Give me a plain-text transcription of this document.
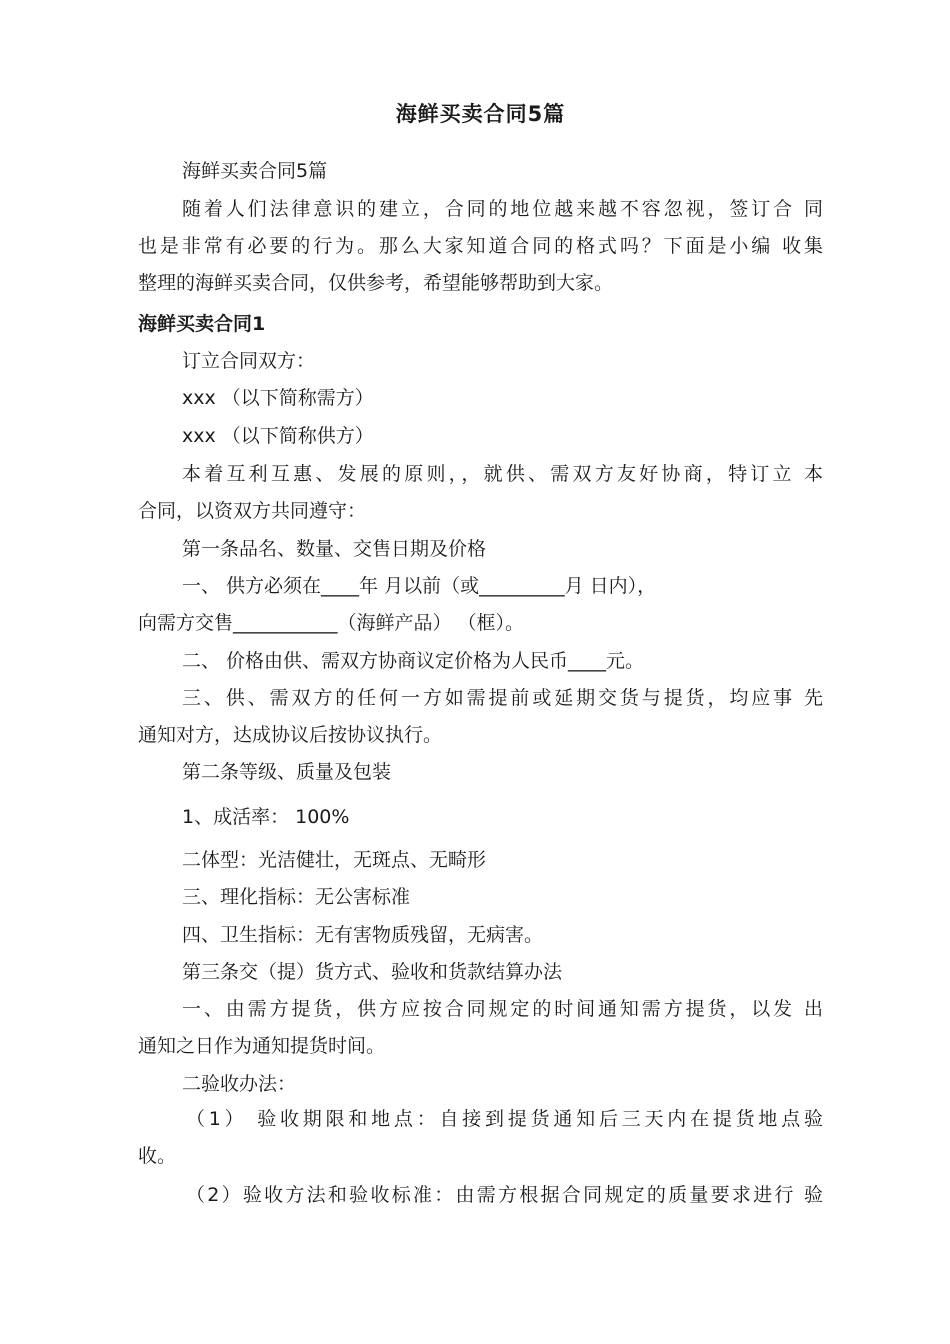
海鲜买卖合同5篇
海鲜买卖合同5篇
随着人们法律意识的建立，合同的地位越来越不容忽视，签订合 同
也是非常有必要的行为。那么大家知道合同的格式吗？下面是小编 收集
整理的海鲜买卖合同，仅供参考，希望能够帮助到大家。
海鲜买卖合同1
订立合同双方：
xxx （以下简称需方）
xxx （以下简称供方）
本着互利互惠、发展的原则，，就供、需双方友好协商，特订立 本
合同，以资双方共同遵守：
第一条品名、数量、交售日期及价格
一、 供方必须在____年 月以前（或_________月 日内），
向需方交售___________（海鲜产品） （框）。
二、 价格由供、需双方协商议定价格为人民币____元。
三、供、需双方的任何一方如需提前或延期交货与提货，均应事 先
通知对方，达成协议后按协议执行。
第二条等级、质量及包装
1、成活率： 100%
二体型：光洁健壮，无斑点、无畸形
三、理化指标：无公害标准
四、卫生指标：无有害物质残留，无病害。
第三条交（提）货方式、验收和货款结算办法
一、由需方提货，供方应按合同规定的时间通知需方提货，以发 出
通知之日作为通知提货时间。
二验收办法：
（1） 验收期限和地点：自接到提货通知后三天内在提货地点验
收。
（2）验收方法和验收标准：由需方根据合同规定的质量要求进行 验
